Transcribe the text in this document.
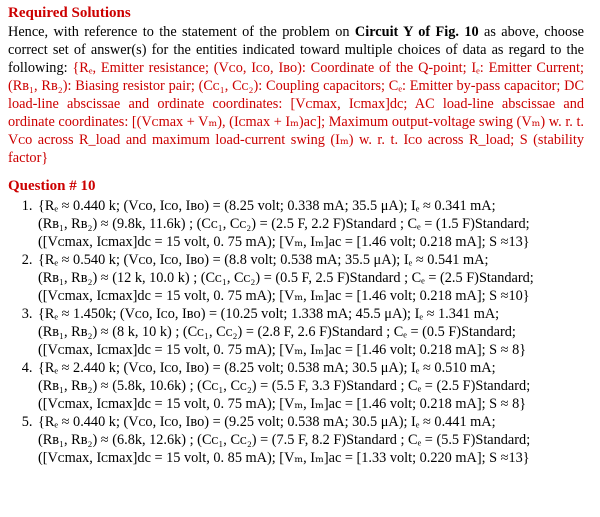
Required Solutions

Hence, with reference to the statement of the problem on Circuit Y of Fig. 10 as above, choose correct set of answer(s) for the entities indicated toward multiple choices of data as regard to the following: {Rₑ, Emitter resistance; (Vᴄᴏ, Iᴄᴏ, Iʙᴏ): Coordinate of the Q-point; Iₑ: Emitter Current; (Rʙ₁, Rʙ₂): Biasing resistor pair; (Cᴄ₁, Cᴄ₂): Coupling capacitors; Cₑ: Emitter by-pass capacitor; DC load-line abscissae and ordinate coordinates: [Vᴄmax, Iᴄmax]dc; AC load-line abscissae and ordinate coordinates: [(Vᴄmax + Vₘ), (Iᴄmax + Iₘ)ac]; Maximum output-voltage swing (Vₘ) w. r. t. Vᴄᴏ across R_load and maximum load-current swing (Iₘ) w. r. t. Iᴄᴏ across R_load; S (stability factor}

Question # 10

1. {Rₑ ≈ 0.440 k; (Vᴄᴏ, Iᴄᴏ, Iʙᴏ) = (8.25 volt; 0.338 mA; 35.5 μA); Iₑ ≈ 0.341 mA;
(Rʙ₁, Rʙ₂) ≈ (9.8k, 11.6k) ; (Cᴄ₁, Cᴄ₂) = (2.5 F, 2.2 F)Standard ; Cₑ = (1.5 F)Standard;
([Vᴄmax, Iᴄmax]dc = 15 volt, 0. 75 mA); [Vₘ, Iₘ]ac = [1.46 volt; 0.218 mA]; S ≈13}
2. {Rₑ ≈ 0.540 k; (Vᴄᴏ, Iᴄᴏ, Iʙᴏ) = (8.8 volt; 0.538 mA; 35.5 μA); Iₑ ≈ 0.541 mA;
(Rʙ₁, Rʙ₂) ≈ (12 k, 10.0 k) ; (Cᴄ₁, Cᴄ₂) = (0.5 F, 2.5 F)Standard ; Cₑ = (2.5 F)Standard;
([Vᴄmax, Iᴄmax]dc = 15 volt, 0. 75 mA); [Vₘ, Iₘ]ac = [1.46 volt; 0.218 mA]; S ≈10}
3. {Rₑ ≈ 1.450k; (Vᴄᴏ, Iᴄᴏ, Iʙᴏ) = (10.25 volt; 1.338 mA; 45.5 μA); Iₑ ≈ 1.341 mA;
(Rʙ₁, Rʙ₂) ≈ (8 k, 10 k) ; (Cᴄ₁, Cᴄ₂) = (2.8 F, 2.6 F)Standard ; Cₑ = (0.5 F)Standard;
([Vᴄmax, Iᴄmax]dc = 15 volt, 0. 75 mA); [Vₘ, Iₘ]ac = [1.46 volt; 0.218 mA]; S ≈ 8}
4. {Rₑ ≈ 2.440 k; (Vᴄᴏ, Iᴄᴏ, Iʙᴏ) = (8.25 volt; 0.538 mA; 30.5 μA); Iₑ ≈ 0.510 mA;
(Rʙ₁, Rʙ₂) ≈ (5.8k, 10.6k) ; (Cᴄ₁, Cᴄ₂) = (5.5 F, 3.3 F)Standard ; Cₑ = (2.5 F)Standard;
([Vᴄmax, Iᴄmax]dc = 15 volt, 0. 75 mA); [Vₘ, Iₘ]ac = [1.46 volt; 0.218 mA]; S ≈ 8}
5. {Rₑ ≈ 0.440 k; (Vᴄᴏ, Iᴄᴏ, Iʙᴏ) = (9.25 volt; 0.538 mA; 30.5 μA); Iₑ ≈ 0.441 mA;
(Rʙ₁, Rʙ₂) ≈ (6.8k, 12.6k) ; (Cᴄ₁, Cᴄ₂) = (7.5 F, 8.2 F)Standard ; Cₑ = (5.5 F)Standard;
([Vᴄmax, Iᴄmax]dc = 15 volt, 0. 85 mA); [Vₘ, Iₘ]ac = [1.33 volt; 0.220 mA]; S ≈13}
